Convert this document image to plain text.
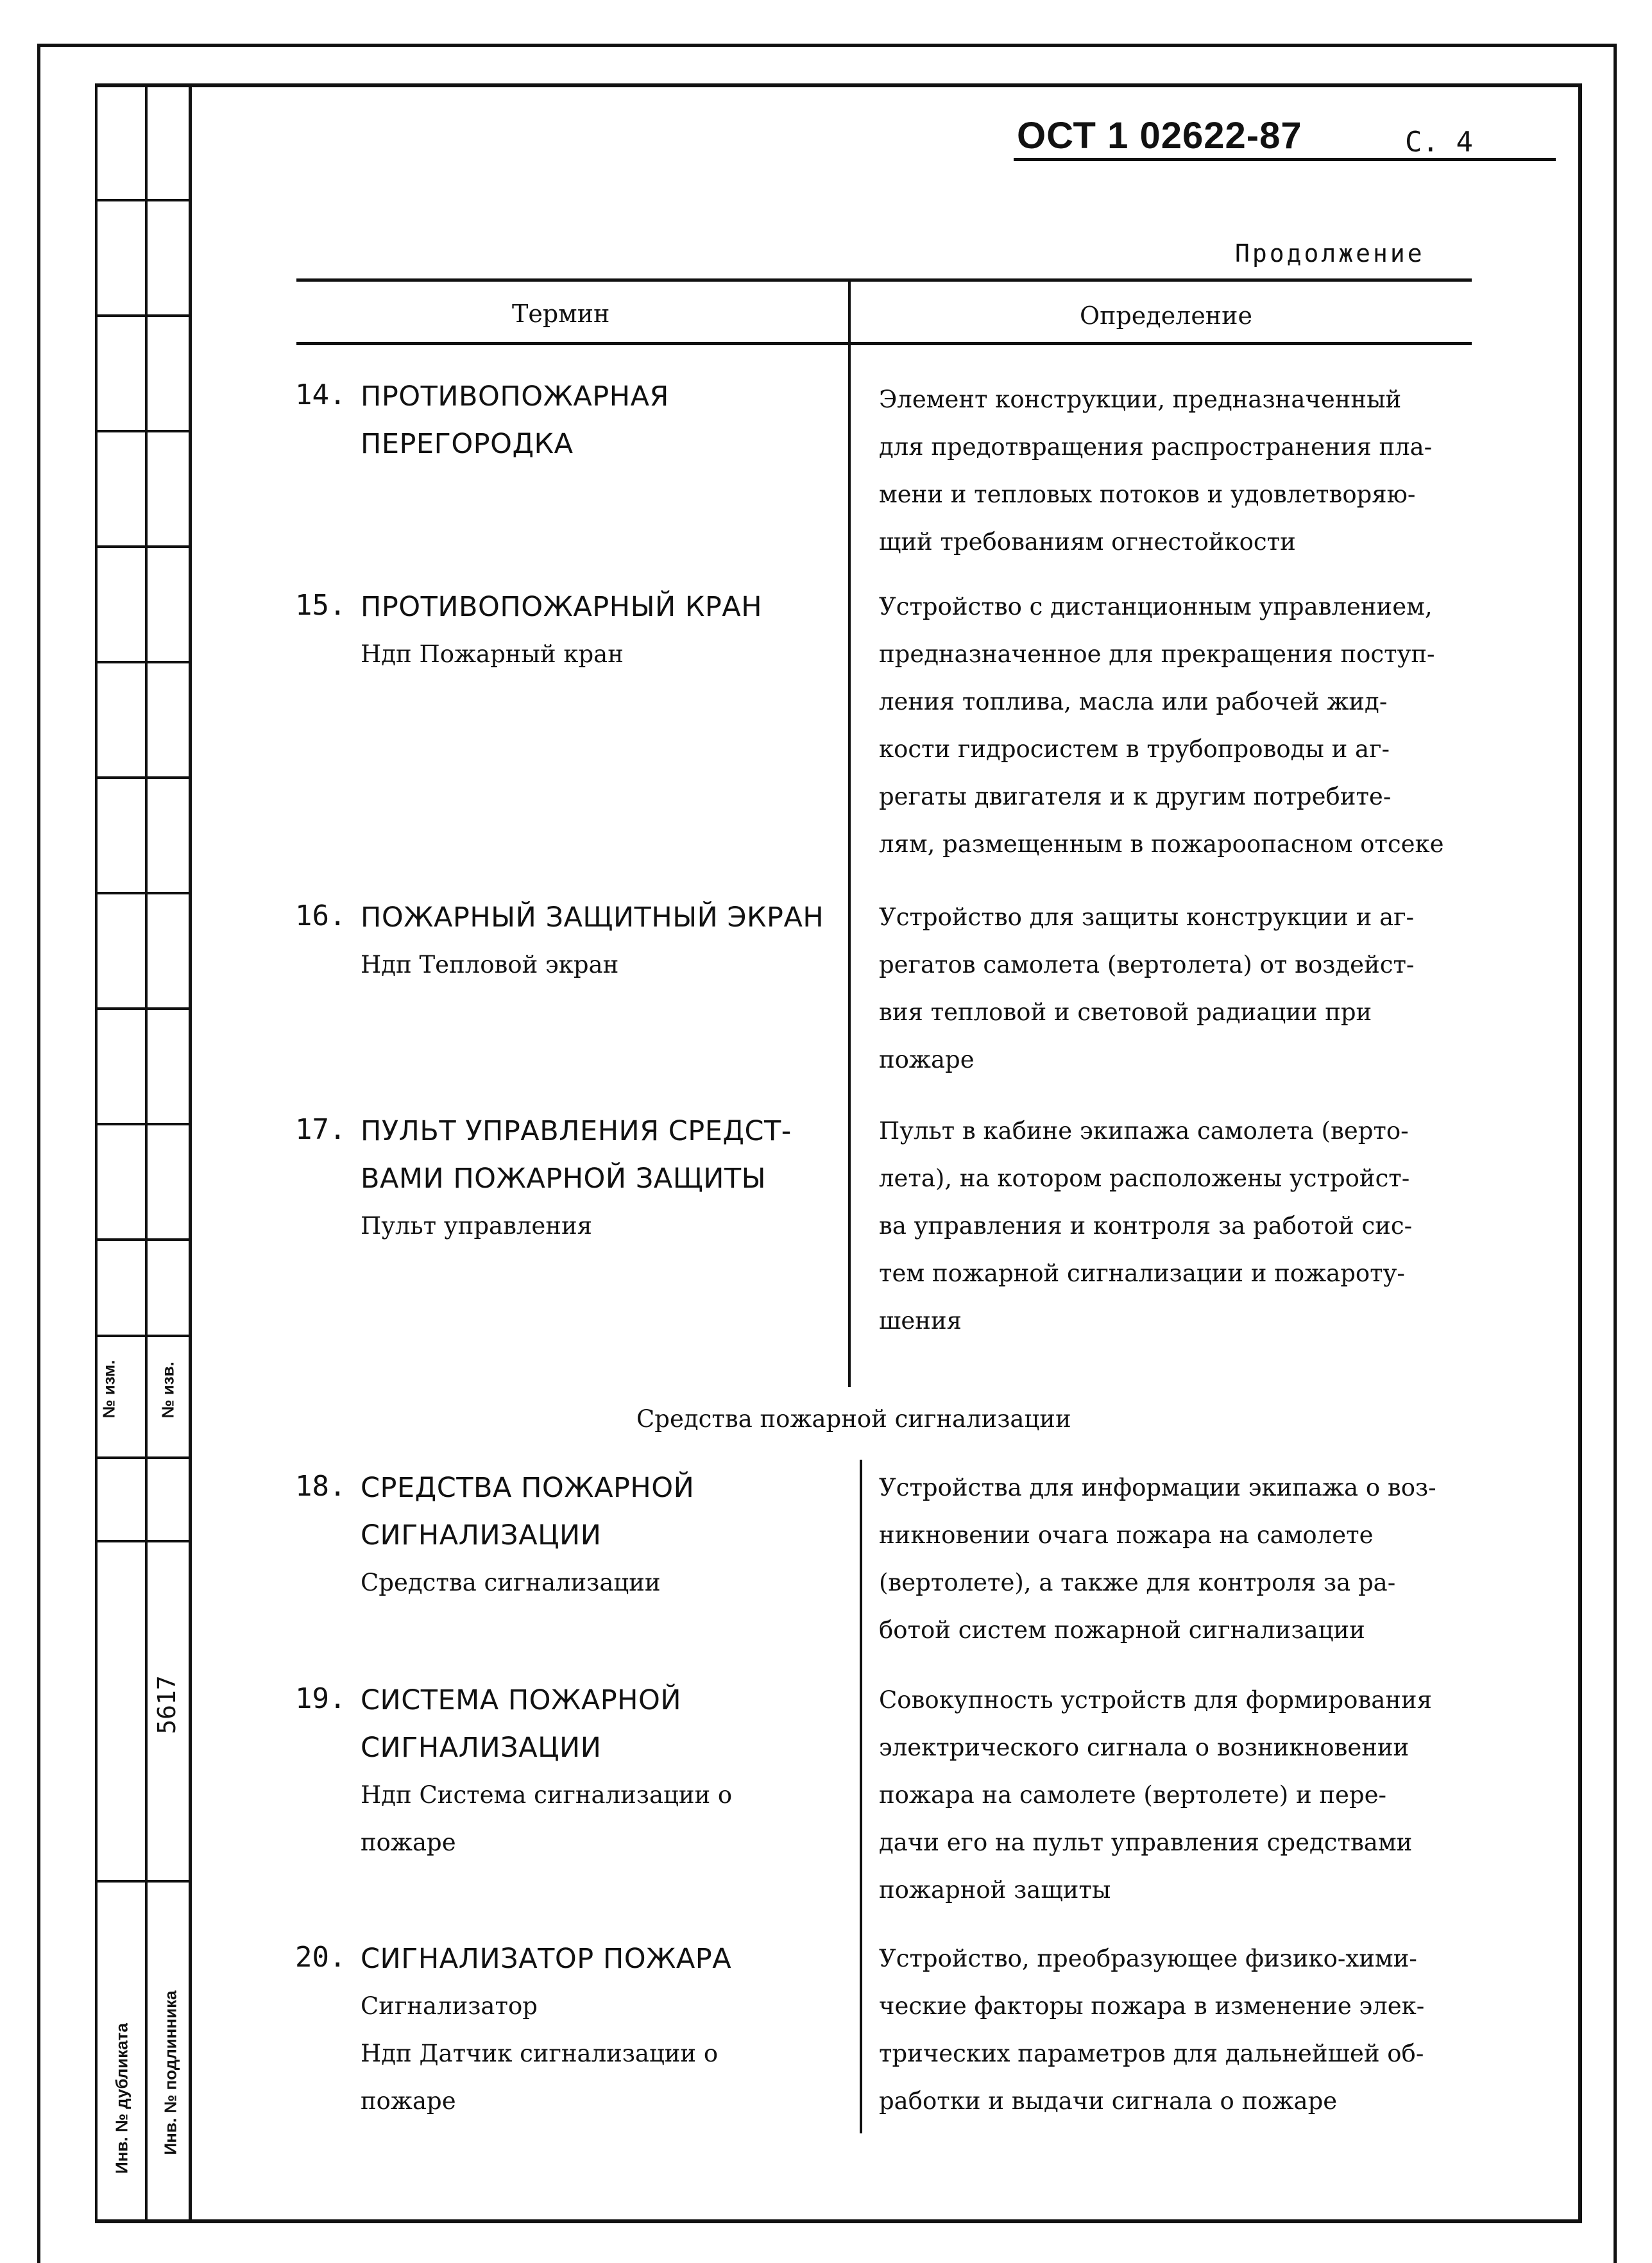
№ изм. № изв.
5617
Инв. № дубликата Инв. № подлинника
ОСТ 1 02622-87	С. 4
Продолжение
Термин	Определение
14. ПРОТИВОПОЖАРНАЯ
ПЕРЕГОРОДКА
Элемент конструкции, предназначенный
для предотвращения распространения пла-
мени и тепловых потоков и удовлетворяю-
щий требованиям огнестойкости
15. ПРОТИВОПОЖАРНЫЙ КРАН
Ндп Пожарный кран
Устройство с дистанционным управлением,
предназначенное для прекращения поступ-
ления топлива, масла или рабочей жид-
кости гидросистем в трубопроводы и аг-
регаты двигателя и к другим потребите-
лям, размещенным в пожароопасном отсеке
16. ПОЖАРНЫЙ ЗАЩИТНЫЙ ЭКРАН
Ндп Тепловой экран
Устройство для защиты конструкции и аг-
регатов самолета (вертолета) от воздейст-
вия тепловой и световой радиации при
пожаре
17. ПУЛЬТ УПРАВЛЕНИЯ СРЕДСТ-
ВАМИ ПОЖАРНОЙ ЗАЩИТЫ
Пульт управления
Пульт в кабине экипажа самолета (верто-
лета), на котором расположены устройст-
ва управления и контроля за работой сис-
тем пожарной сигнализации и пожароту-
шения
Средства пожарной сигнализации
18. СРЕДСТВА ПОЖАРНОЙ
СИГНАЛИЗАЦИИ
Средства сигнализации
Устройства для информации экипажа о воз-
никновении очага пожара на самолете
(вертолете), а также для контроля за ра-
ботой систем пожарной сигнализации
19. СИСТЕМА ПОЖАРНОЙ
СИГНАЛИЗАЦИИ
Ндп Система сигнализации о
пожаре
Совокупность устройств для формирования
электрического сигнала о возникновении
пожара на самолете (вертолете) и пере-
дачи его на пульт управления средствами
пожарной защиты
20. СИГНАЛИЗАТОР ПОЖАРА
Сигнализатор
Ндп Датчик сигнализации о
пожаре
Устройство, преобразующее физико-хими-
ческие факторы пожара в изменение элек-
трических параметров для дальнейшей об-
работки и выдачи сигнала о пожаре
